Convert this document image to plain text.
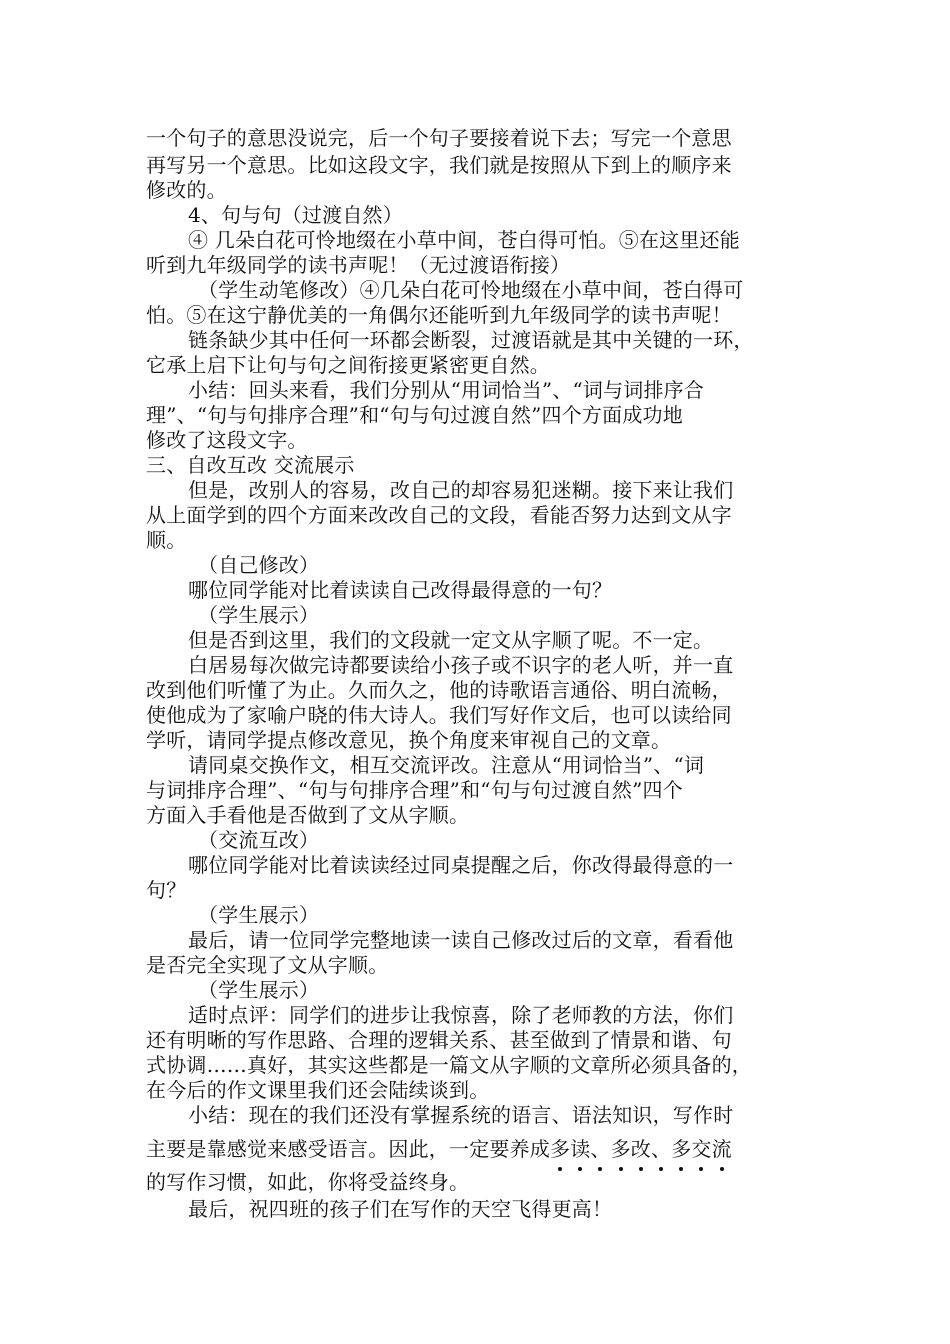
一个句子的意思没说完，后一个句子要接着说下去；写完一个意思
再写另一个意思。比如这段文字，我们就是按照从下到上的顺序来
修改的。
4、句与句（过渡自然）
④ 几朵白花可怜地缀在小草中间，苍白得可怕。⑤在这里还能
听到九年级同学的读书声呢！（无过渡语衔接）
（学生动笔修改）④几朵白花可怜地缀在小草中间，苍白得可
怕。⑤在这宁静优美的一角偶尔还能听到九年级同学的读书声呢！
链条缺少其中任何一环都会断裂，过渡语就是其中关键的一环，
它承上启下让句与句之间衔接更紧密更自然。
小结：回头来看，我们分别从“用词恰当”、“词与词排序合
理”、“句与句排序合理”和“句与句过渡自然”四个方面成功地
修改了这段文字。
三、自改互改 交流展示
但是，改别人的容易，改自己的却容易犯迷糊。接下来让我们
从上面学到的四个方面来改改自己的文段，看能否努力达到文从字
顺。
（自己修改）
哪位同学能对比着读读自己改得最得意的一句？
（学生展示）
但是否到这里，我们的文段就一定文从字顺了呢。不一定。
白居易每次做完诗都要读给小孩子或不识字的老人听，并一直
改到他们听懂了为止。久而久之，他的诗歌语言通俗、明白流畅，
使他成为了家喻户晓的伟大诗人。我们写好作文后，也可以读给同
学听，请同学提点修改意见，换个角度来审视自己的文章。
请同桌交换作文，相互交流评改。注意从“用词恰当”、“词
与词排序合理”、“句与句排序合理”和“句与句过渡自然”四个
方面入手看他是否做到了文从字顺。
（交流互改）
哪位同学能对比着读读经过同桌提醒之后，你改得最得意的一
句？
（学生展示）
最后，请一位同学完整地读一读自己修改过后的文章，看看他
是否完全实现了文从字顺。
（学生展示）
适时点评：同学们的进步让我惊喜，除了老师教的方法，你们
还有明晰的写作思路、合理的逻辑关系、甚至做到了情景和谐、句
式协调……真好，其实这些都是一篇文从字顺的文章所必须具备的，
在今后的作文课里我们还会陆续谈到。
小结：现在的我们还没有掌握系统的语言、语法知识，写作时
主要是靠感觉来感受语言。因此，一定要养成多读、多改、多交流
的写作习惯，如此，你将受益终身。
最后，祝四班的孩子们在写作的天空飞得更高！
